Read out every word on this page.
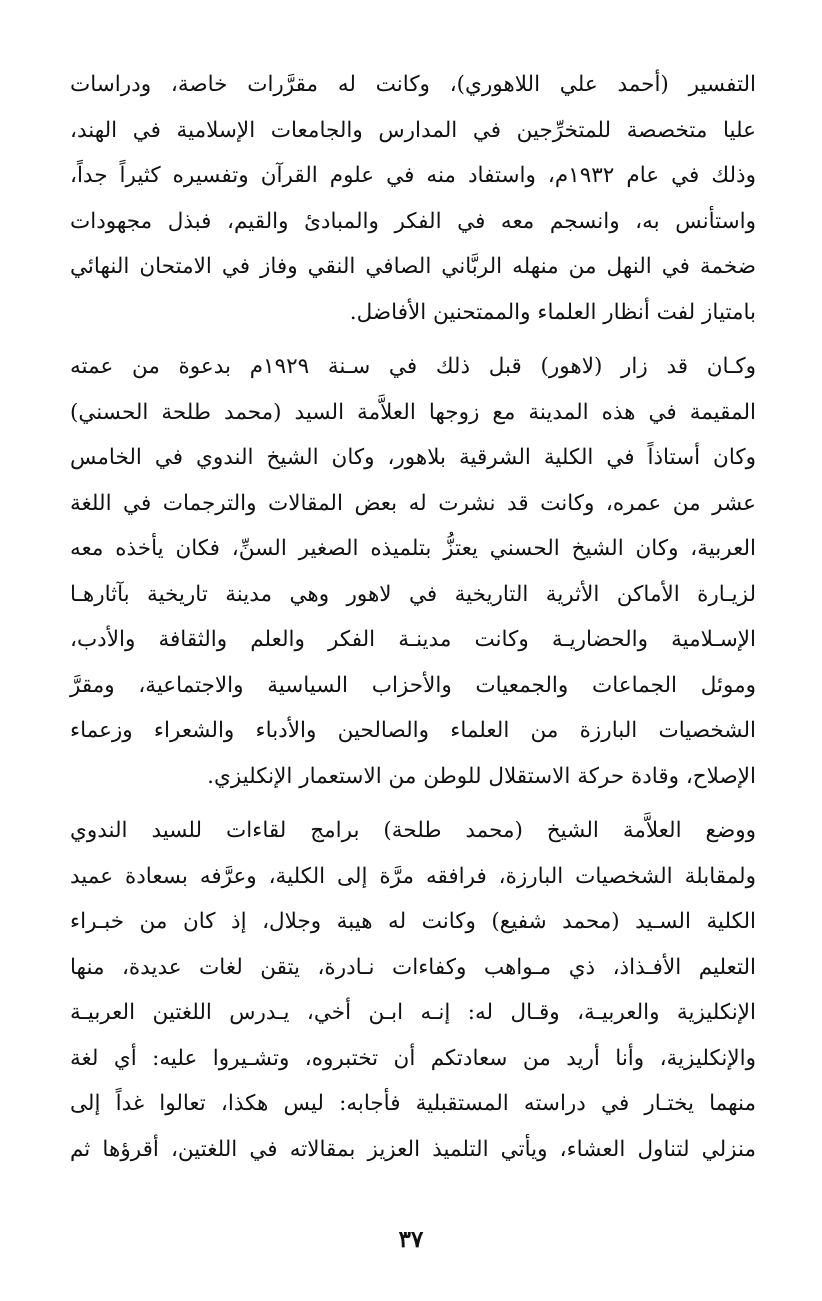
التفسير (أحمد علي اللاهوري)، وكانت له مقرَّرات خاصة، ودراسات
عليا متخصصة للمتخرِّجين في المدارس والجامعات الإسلامية في الهند،
وذلك في عام ١٩٣٢م، واستفاد منه في علوم القرآن وتفسيره كثيراً جداً،
واستأنس به، وانسجم معه في الفكر والمبادئ والقيم، فبذل مجهودات
ضخمة في النهل من منهله الربَّاني الصافي النقي وفاز في الامتحان النهائي
بامتياز لفت أنظار العلماء والممتحنين الأفاضل.
وكـان قد زار (لاهور) قبل ذلك في سـنة ١٩٢٩م بدعوة من عمته
المقيمة في هذه المدينة مع زوجها العلاَّمة السيد (محمد طلحة الحسني)
وكان أستاذاً في الكلية الشرقية بلاهور، وكان الشيخ الندوي في الخامس
عشر من عمره، وكانت قد نشرت له بعض المقالات والترجمات في اللغة
العربية، وكان الشيخ الحسني يعتزُّ بتلميذه الصغير السنِّ، فكان يأخذه معه
لزيـارة الأماكن الأثرية التاريخية في لاهور وهي مدينة تاريخية بآثارهـا
الإسـلامية والحضاريـة وكانت مدينـة الفكر والعلم والثقافة والأدب،
وموئل الجماعات والجمعيات والأحزاب السياسية والاجتماعية، ومقرَّ
الشخصيات البارزة من العلماء والصالحين والأدباء والشعراء وزعماء
الإصلاح، وقادة حركة الاستقلال للوطن من الاستعمار الإنكليزي.
ووضع العلاَّمة الشيخ (محمد طلحة) برامج لقاءات للسيد الندوي
ولمقابلة الشخصيات البارزة، فرافقه مرَّة إلى الكلية، وعرَّفه بسعادة عميد
الكلية السـيد (محمد شفيع) وكانت له هيبة وجلال، إذ كان من خبـراء
التعليم الأفـذاذ، ذي مـواهب وكفاءات نـادرة، يتقن لغات عديدة، منها
الإنكليزية والعربيـة، وقـال له: إنـه ابـن أخي، يـدرس اللغتين العربيـة
والإنكليزية، وأنا أريد من سعادتكم أن تختبروه، وتشـيروا عليه: أي لغة
منهما يختـار في دراسته المستقبلية فأجابه: ليس هكذا، تعالوا غداً إلى
منزلي لتناول العشاء، ويأتي التلميذ العزيز بمقالاته في اللغتين، أقرؤها ثم
٣٧
